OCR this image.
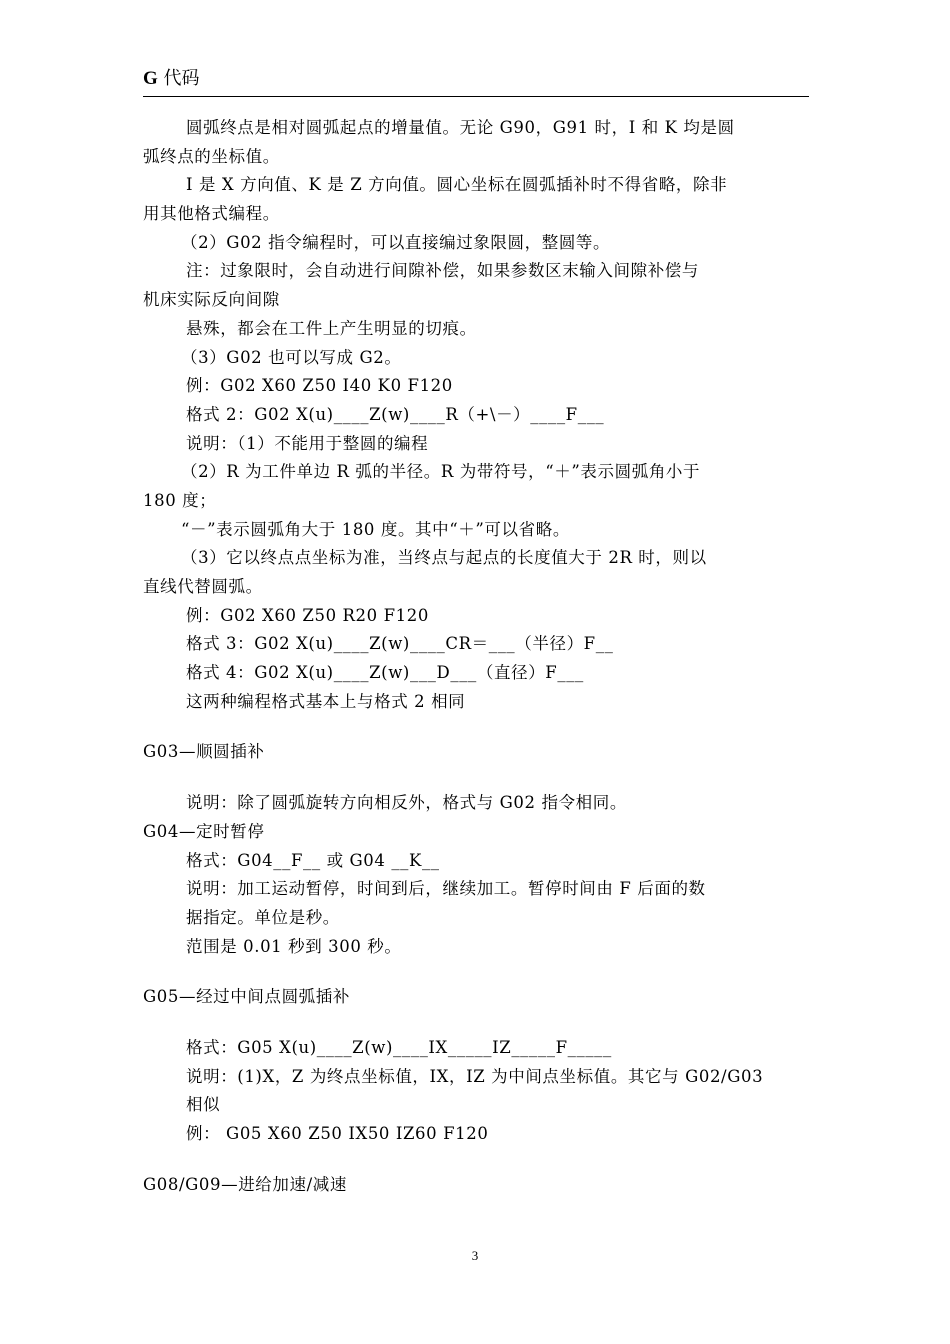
G 代码
圆弧终点是相对圆弧起点的增量值。无论 G90，G91 时，I 和 K 均是圆
弧终点的坐标值。
I 是 X 方向值、K 是 Z 方向值。圆心坐标在圆弧插补时不得省略，除非
用其他格式编程。
（2）G02 指令编程时，可以直接编过象限圆，整圆等。
注：过象限时，会自动进行间隙补偿，如果参数区末输入间隙补偿与
机床实际反向间隙
悬殊，都会在工件上产生明显的切痕。
（3）G02 也可以写成 G2。
例：G02 X60 Z50 I40 K0 F120
格式 2：G02 X(u)____Z(w)____R（+\－）____F___
说明：（1）不能用于整圆的编程
（2）R 为工件单边 R 弧的半径。R 为带符号，“＋”表示圆弧角小于
180 度；
“－”表示圆弧角大于 180 度。其中“＋”可以省略。
（3）它以终点点坐标为准，当终点与起点的长度值大于 2R 时，则以
直线代替圆弧。
例：G02 X60 Z50 R20 F120
格式 3：G02 X(u)____Z(w)____CR＝___（半径）F__
格式 4：G02 X(u)____Z(w)___D___（直径）F___
这两种编程格式基本上与格式 2 相同
G03—顺圆插补
说明：除了圆弧旋转方向相反外，格式与 G02 指令相同。
G04—定时暂停
格式：G04__F__ 或 G04 __K__
说明：加工运动暂停，时间到后，继续加工。暂停时间由 F 后面的数
据指定。单位是秒。
范围是 0.01 秒到 300 秒。
G05—经过中间点圆弧插补
格式：G05 X(u)____Z(w)____IX_____IZ_____F_____
说明：(1)X，Z 为终点坐标值，IX，IZ 为中间点坐标值。其它与 G02/G03
相似
例： G05 X60 Z50 IX50 IZ60 F120
G08/G09—进给加速/减速
3
